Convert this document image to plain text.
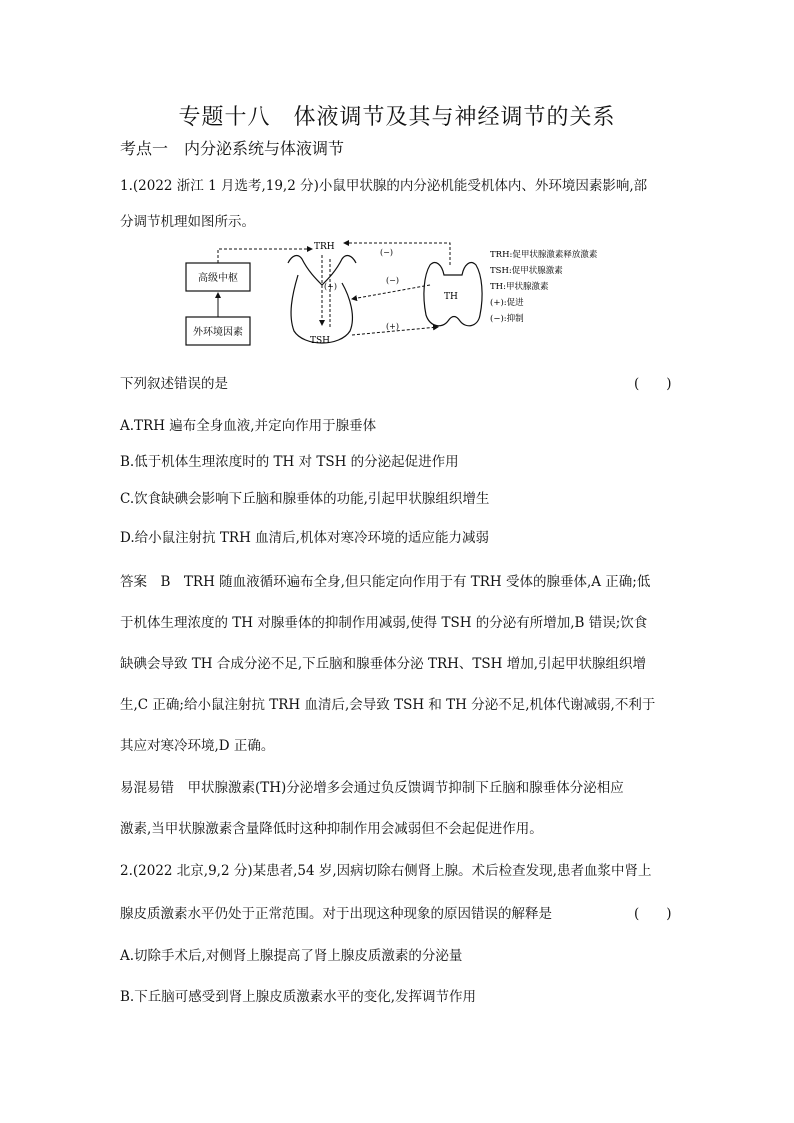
专题十八　体液调节及其与神经调节的关系
考点一　内分泌系统与体液调节
1.(2022 浙江 1 月选考,19,2 分)小鼠甲状腺的内分泌机能受机体内、外环境因素影响,部
分调节机理如图所示。
高级中枢
外环境因素
TRH
(+)
TSH
TH
(−)
(−)
(+)
TRH:促甲状腺激素释放激素
TSH:促甲状腺激素
TH:甲状腺激素
(+):促进
(−):抑制
下列叙述错误的是	(　　)
A.TRH 遍布全身血液,并定向作用于腺垂体
B.低于机体生理浓度时的 TH 对 TSH 的分泌起促进作用
C.饮食缺碘会影响下丘脑和腺垂体的功能,引起甲状腺组织增生
D.给小鼠注射抗 TRH 血清后,机体对寒冷环境的适应能力减弱
答案　B　TRH 随血液循环遍布全身,但只能定向作用于有 TRH 受体的腺垂体,A 正确;低
于机体生理浓度的 TH 对腺垂体的抑制作用减弱,使得 TSH 的分泌有所增加,B 错误;饮食
缺碘会导致 TH 合成分泌不足,下丘脑和腺垂体分泌 TRH、TSH 增加,引起甲状腺组织增
生,C 正确;给小鼠注射抗 TRH 血清后,会导致 TSH 和 TH 分泌不足,机体代谢减弱,不利于
其应对寒冷环境,D 正确。
易混易错　甲状腺激素(TH)分泌增多会通过负反馈调节抑制下丘脑和腺垂体分泌相应
激素,当甲状腺激素含量降低时这种抑制作用会减弱但不会起促进作用。
2.(2022 北京,9,2 分)某患者,54 岁,因病切除右侧肾上腺。术后检查发现,患者血浆中肾上
腺皮质激素水平仍处于正常范围。对于出现这种现象的原因错误的解释是	(　　)
A.切除手术后,对侧肾上腺提高了肾上腺皮质激素的分泌量
B.下丘脑可感受到肾上腺皮质激素水平的变化,发挥调节作用
